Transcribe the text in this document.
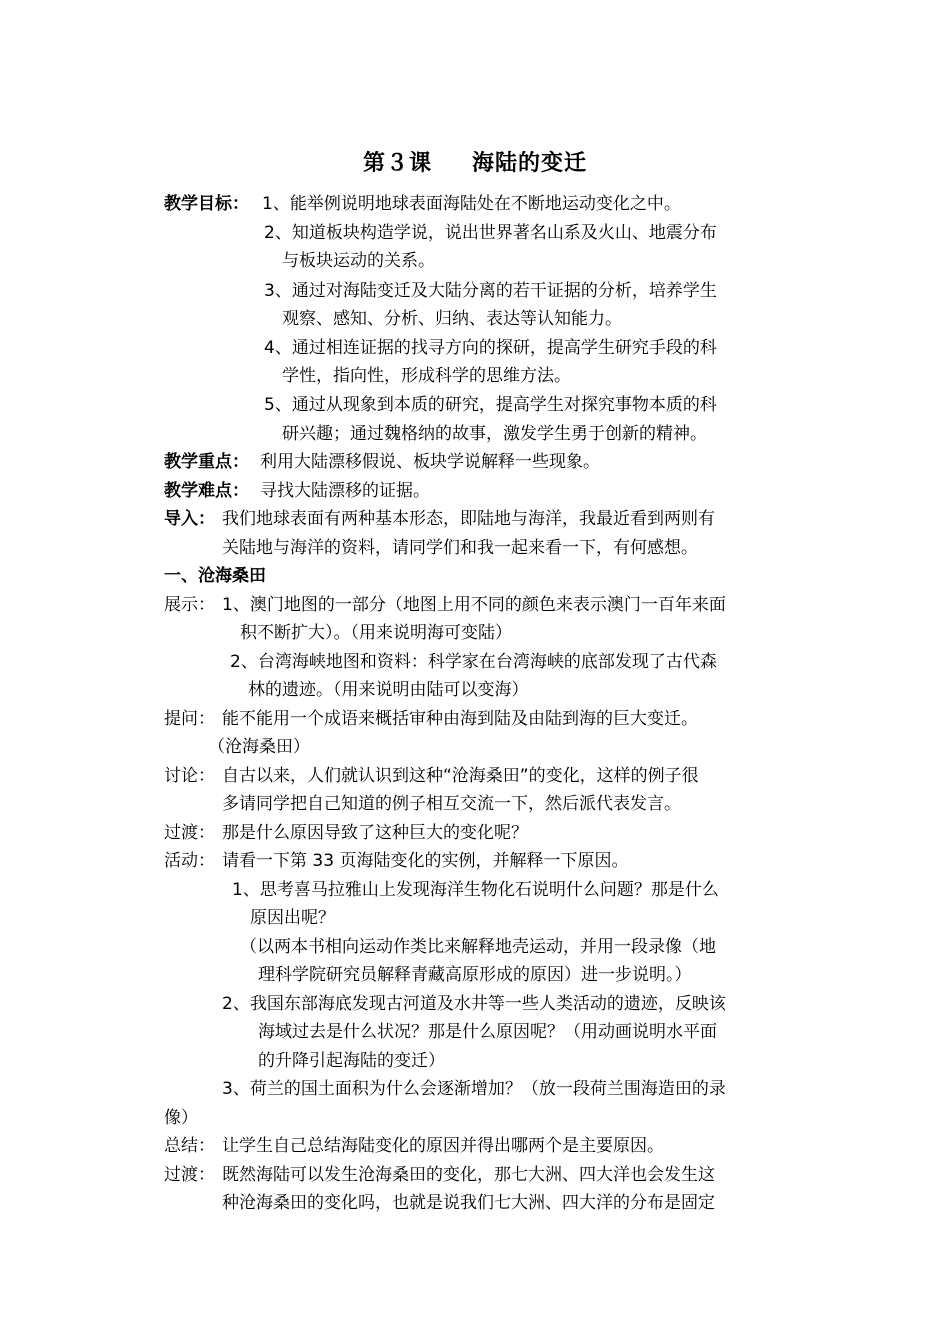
第３课 海陆的变迁
教学目标： 1、能举例说明地球表面海陆处在不断地运动变化之中。
2、知道板块构造学说，说出世界著名山系及火山、地震分布
与板块运动的关系。
3、通过对海陆变迁及大陆分离的若干证据的分析，培养学生
观察、感知、分析、归纳、表达等认知能力。
4、通过相连证据的找寻方向的探研，提高学生研究手段的科
学性，指向性，形成科学的思维方法。
5、通过从现象到本质的研究，提高学生对探究事物本质的科
研兴趣；通过魏格纳的故事，激发学生勇于创新的精神。
教学重点： 利用大陆漂移假说、板块学说解释一些现象。
教学难点： 寻找大陆漂移的证据。
导入： 我们地球表面有两种基本形态，即陆地与海洋，我最近看到两则有
关陆地与海洋的资料，请同学们和我一起来看一下，有何感想。
一、沧海桑田
展示： 1、澳门地图的一部分（地图上用不同的颜色来表示澳门一百年来面
积不断扩大）。（用来说明海可变陆）
2、台湾海峡地图和资料：科学家在台湾海峡的底部发现了古代森
林的遗迹。（用来说明由陆可以变海）
提问： 能不能用一个成语来概括审种由海到陆及由陆到海的巨大变迁。
（沧海桑田）
讨论： 自古以来，人们就认识到这种“沧海桑田”的变化，这样的例子很
多请同学把自己知道的例子相互交流一下，然后派代表发言。
过渡： 那是什么原因导致了这种巨大的变化呢？
活动： 请看一下第 33 页海陆变化的实例，并解释一下原因。
1、思考喜马拉雅山上发现海洋生物化石说明什么问题？那是什么
原因出呢？
（以两本书相向运动作类比来解释地壳运动，并用一段录像（地
理科学院研究员解释青藏高原形成的原因）进一步说明。）
2、我国东部海底发现古河道及水井等一些人类活动的遗迹，反映该
海域过去是什么状况？那是什么原因呢？（用动画说明水平面
的升降引起海陆的变迁）
3、荷兰的国土面积为什么会逐渐增加？（放一段荷兰围海造田的录
像）
总结： 让学生自己总结海陆变化的原因并得出哪两个是主要原因。
过渡： 既然海陆可以发生沧海桑田的变化，那七大洲、四大洋也会发生这
种沧海桑田的变化吗，也就是说我们七大洲、四大洋的分布是固定
